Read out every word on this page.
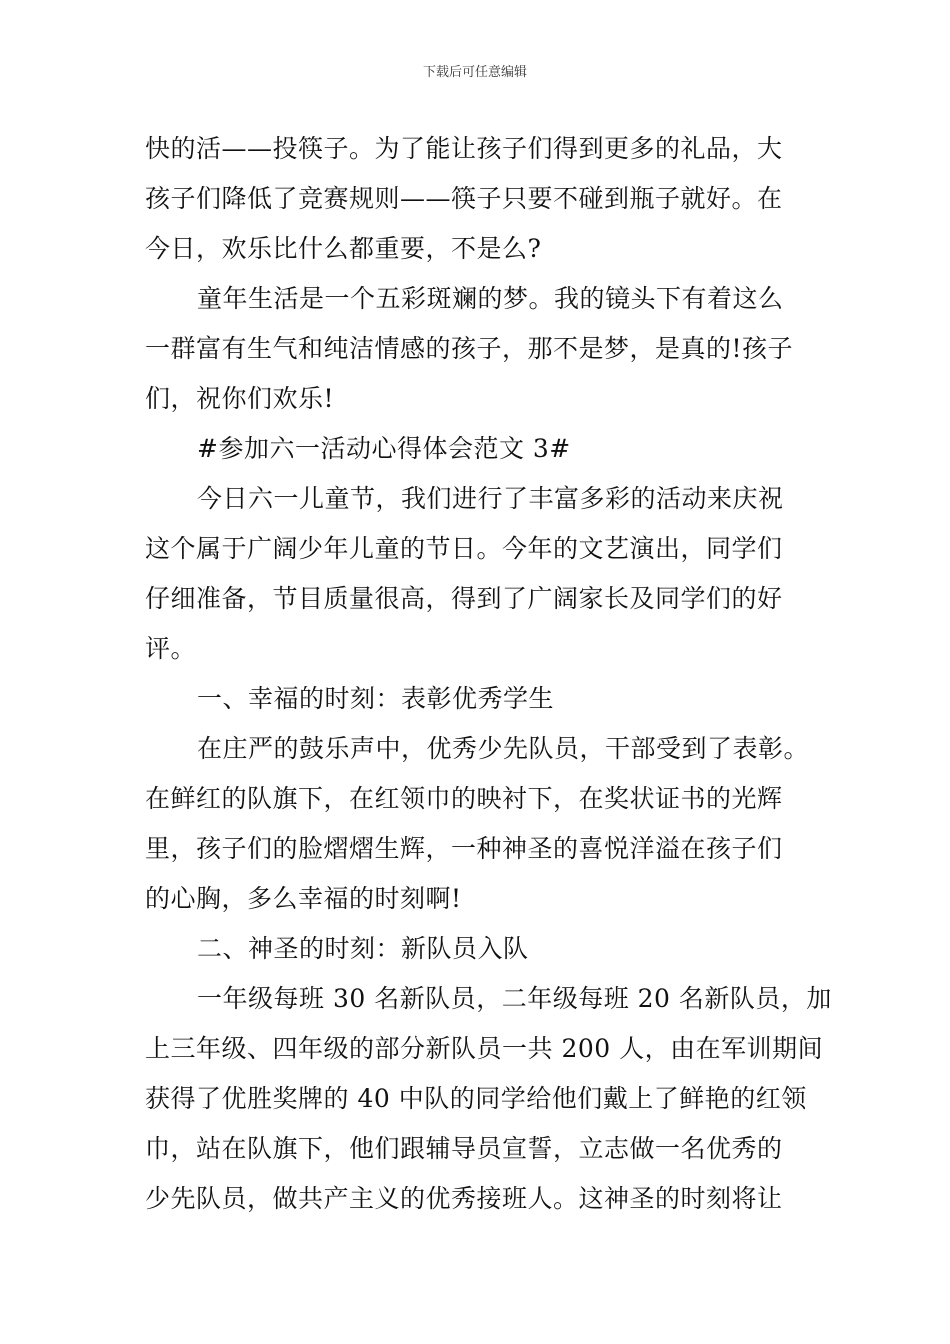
下载后可任意编辑
快的活——投筷子。为了能让孩子们得到更多的礼品，大
孩子们降低了竞赛规则——筷子只要不碰到瓶子就好。在
今日，欢乐比什么都重要，不是么?
童年生活是一个五彩斑斓的梦。我的镜头下有着这么
一群富有生气和纯洁情感的孩子，那不是梦，是真的!孩子
们，祝你们欢乐!
#参加六一活动心得体会范文 3#
今日六一儿童节，我们进行了丰富多彩的活动来庆祝
这个属于广阔少年儿童的节日。今年的文艺演出，同学们
仔细准备，节目质量很高，得到了广阔家长及同学们的好
评。
一、幸福的时刻：表彰优秀学生
在庄严的鼓乐声中，优秀少先队员，干部受到了表彰。
在鲜红的队旗下，在红领巾的映衬下，在奖状证书的光辉
里，孩子们的脸熠熠生辉，一种神圣的喜悦洋溢在孩子们
的心胸，多么幸福的时刻啊!
二、神圣的时刻：新队员入队
一年级每班 30 名新队员，二年级每班 20 名新队员，加
上三年级、四年级的部分新队员一共 200 人，由在军训期间
获得了优胜奖牌的 40 中队的同学给他们戴上了鲜艳的红领
巾，站在队旗下，他们跟辅导员宣誓，立志做一名优秀的
少先队员，做共产主义的优秀接班人。这神圣的时刻将让
